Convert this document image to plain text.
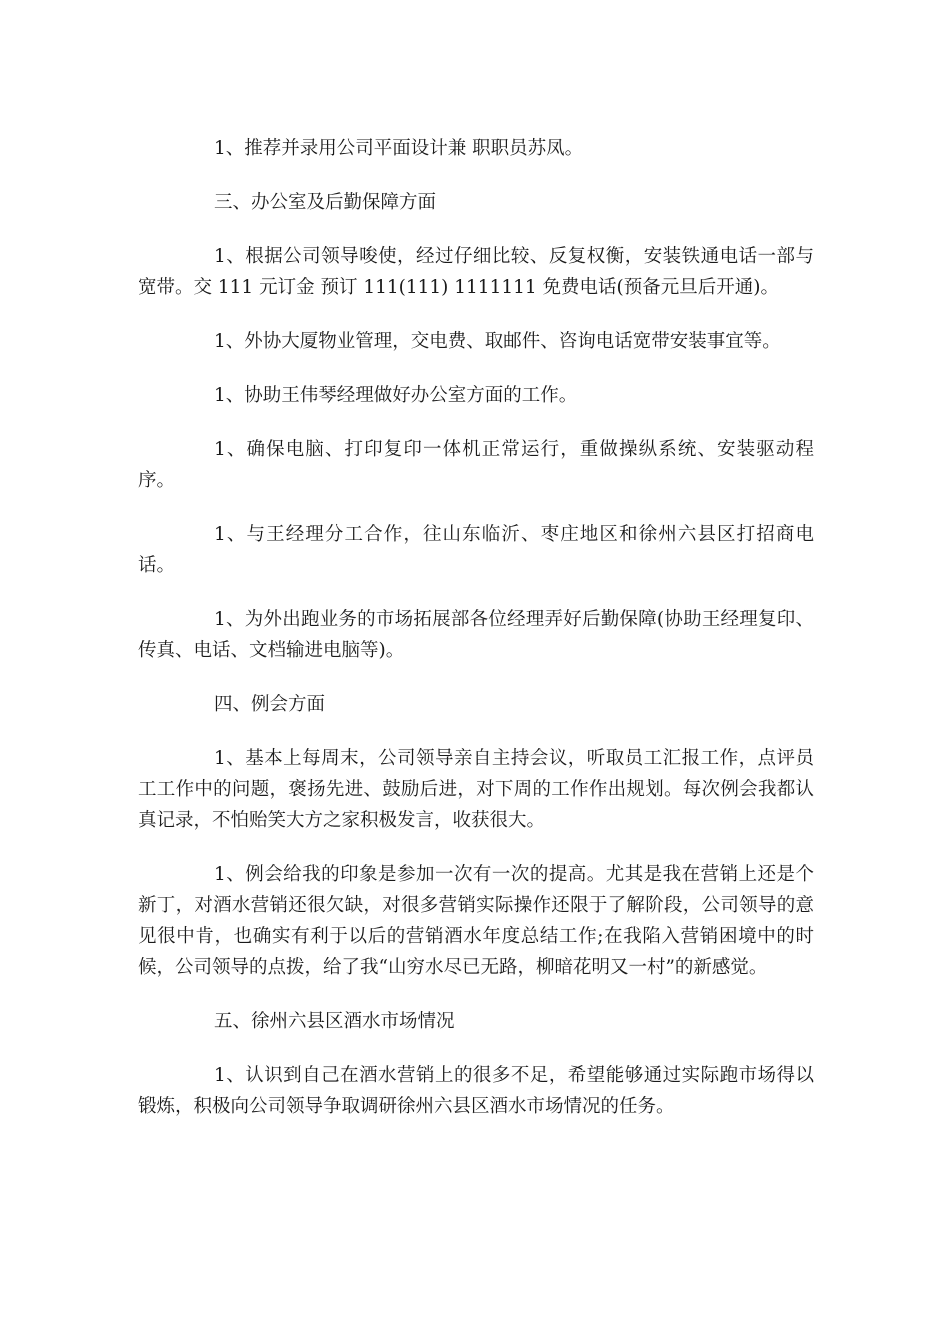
1、推荐并录用公司平面设计兼 职职员苏凤。

三、办公室及后勤保障方面

1、根据公司领导唆使，经过仔细比较、反复权衡，安装铁通电话一部与宽带。交 111 元订金 预订 111(111) 1111111 免费电话(预备元旦后开通)。

1、外协大厦物业管理，交电费、取邮件、咨询电话宽带安装事宜等。

1、协助王伟琴经理做好办公室方面的工作。

1、确保电脑、打印复印一体机正常运行，重做操纵系统、安装驱动程序。

1、与王经理分工合作，往山东临沂、枣庄地区和徐州六县区打招商电话。

1、为外出跑业务的市场拓展部各位经理弄好后勤保障(协助王经理复印、传真、电话、文档输进电脑等)。

四、例会方面

1、基本上每周末，公司领导亲自主持会议，听取员工汇报工作，点评员工工作中的问题，褒扬先进、鼓励后进，对下周的工作作出规划。每次例会我都认真记录，不怕贻笑大方之家积极发言，收获很大。

1、例会给我的印象是参加一次有一次的提高。尤其是我在营销上还是个新丁，对酒水营销还很欠缺，对很多营销实际操作还限于了解阶段，公司领导的意见很中肯，也确实有利于以后的营销酒水年度总结工作;在我陷入营销困境中的时候，公司领导的点拨，给了我“山穷水尽已无路，柳暗花明又一村”的新感觉。

五、徐州六县区酒水市场情况

1、认识到自己在酒水营销上的很多不足，希望能够通过实际跑市场得以锻炼，积极向公司领导争取调研徐州六县区酒水市场情况的任务。
